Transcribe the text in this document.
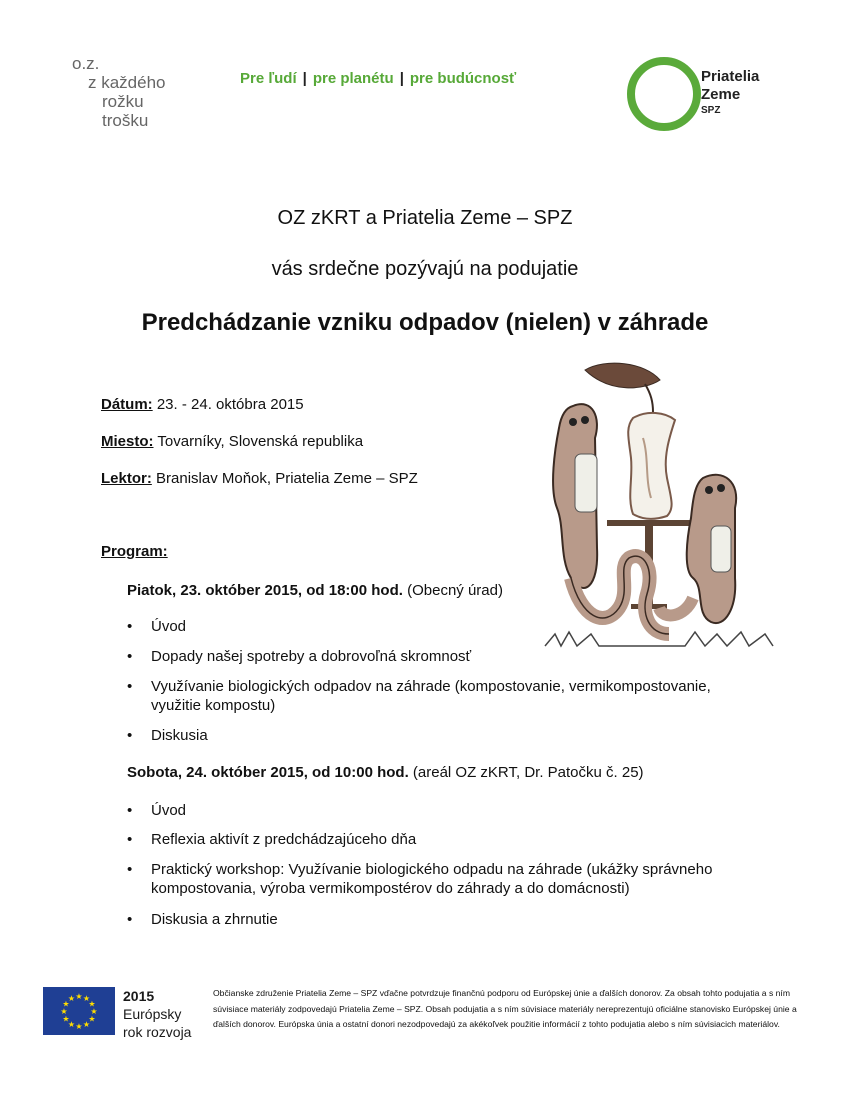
o.z.
z každého
rožku
trošku
Pre ľudí | pre planétu | pre budúcnosť	Priatelia
Zeme
SPZ
OZ zKRT a Priatelia Zeme – SPZ
vás srdečne pozývajú na podujatie
Predchádzanie vzniku odpadov (nielen) v záhrade
Dátum: 23. - 24. októbra 2015
Miesto: Tovarníky, Slovenská republika
Lektor: Branislav Moňok, Priatelia Zeme – SPZ
Program:
Piatok, 23. október 2015, od 18:00 hod. (Obecný úrad)
•	Úvod
•	Dopady našej spotreby a dobrovoľná skromnosť
•	Využívanie biologických odpadov na záhrade (kompostovanie, vermikompostovanie, využitie kompostu)
•	Diskusia
Sobota, 24. október 2015, od 10:00 hod. (areál OZ zKRT, Dr. Patočku č. 25)
•	Úvod
•	Reflexia aktivít z predchádzajúceho dňa
•	Praktický workshop: Využívanie biologického odpadu na záhrade (ukážky správneho kompostovania, výroba vermikompostérov do záhrady a do domácnosti)
•	Diskusia a zhrnutie
★ ★
★
★
★
★
★
★
★
★
★
★	2015
Európsky
rok rozvoja
Občianske združenie Priatelia Zeme – SPZ vďačne potvrdzuje finančnú podporu od Európskej únie a ďalších donorov. Za obsah tohto podujatia a s ním súvisiace materiály zodpovedajú Priatelia Zeme – SPZ. Obsah podujatia a s ním súvisiace materiály nereprezentujú oficiálne stanovisko Európskej únie a ďalších donorov. Európska únia a ostatní donori nezodpovedajú za akékoľvek použitie informácií z tohto podujatia alebo s ním súvisiacich materiálov.
